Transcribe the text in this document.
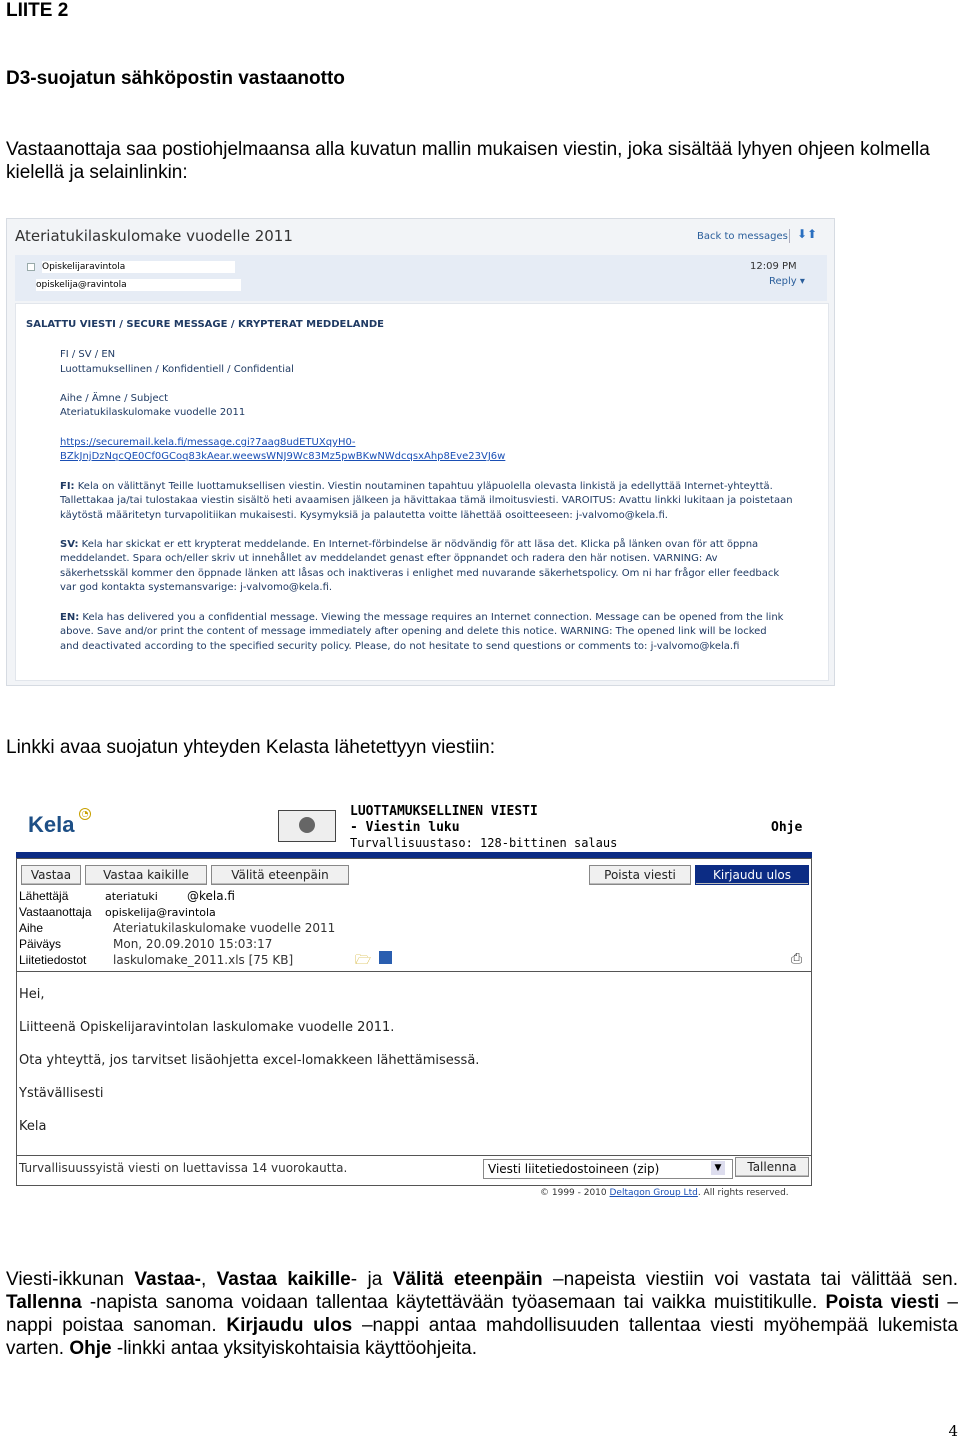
LIITE 2
D3-suojatun sähköpostin vastaanotto
Vastaanottaja saa postiohjelmaansa alla kuvatun mallin mukaisen viestin, joka sisältää lyhyen ohjeen kolmella kielellä ja selainlinkin:
Ateriatukilaskulomake vuodelle 2011	Back to messages ⬇⬆
Opiskelijaravintola
opiskelija@ravintola
12:09 PM
Reply ▾
SALATTU VIESTI / SECURE MESSAGE / KRYPTERAT MEDDELANDE
FI / SV / EN
Luottamuksellinen / Konfidentiell / Confidential
Aihe / Ämne / Subject
Ateriatukilaskulomake vuodelle 2011
https://securemail.kela.fi/message.cgi?7aag8udETUXqyH0-
BZkJnjDzNqcQE0Cf0GCoq83kAear.weewsWNJ9Wc83Mz5pwBKwNWdcqsxAhp8Eve23VJ6w
FI: Kela on välittänyt Teille luottamuksellisen viestin. Viestin noutaminen tapahtuu yläpuolella olevasta linkistä ja edellyttää Internet-yhteyttä.
Tallettakaa ja/tai tulostakaa viestin sisältö heti avaamisen jälkeen ja hävittakaa tämä ilmoitusviesti. VAROITUS: Avattu linkki lukitaan ja poistetaan
käytöstä määritetyn turvapolitiikan mukaisesti. Kysymyksiä ja palautetta voitte lähettää osoitteeseen: j-valvomo@kela.fi.
SV: Kela har skickat er ett krypterat meddelande. En Internet-förbindelse är nödvändig för att läsa det. Klicka på länken ovan för att öppna
meddelandet. Spara och/eller skriv ut innehållet av meddelandet genast efter öppnandet och radera den här notisen. VARNING: Av
säkerhetsskäl kommer den öppnade länken att låsas och inaktiveras i enlighet med nuvarande säkerhetspolicy. Om ni har frågor eller feedback
var god kontakta systemansvarige: j-valvomo@kela.fi.
EN: Kela has delivered you a confidential message. Viewing the message requires an Internet connection. Message can be opened from the link
above. Save and/or print the content of message immediately after opening and delete this notice. WARNING: The opened link will be locked
and deactivated according to the specified security policy. Please, do not hesitate to send questions or comments to: j-valvomo@kela.fi
Linkki avaa suojatun yhteyden Kelasta lähetettyyn viestiin:
Kela ◔	LUOTTAMUKSELLINEN VIESTI
- Viestin luku
Turvallisuustaso: 128-bittinen salaus
Ohje
Vastaa	Vastaa kaikille	Välitä eteenpäin	Poista viesti	Kirjaudu ulos
Lähettäjä	ateriatuki @kela.fi
Vastaanottaja opiskelija@ravintola
Aihe	Ateriatukilaskulomake vuodelle 2011
Päiväys	Mon, 20.09.2010 15:03:17
Liitetiedostot laskulomake_2011.xls [75 KB]	🗁	⎙
Hei,
Liitteenä Opiskelijaravintolan laskulomake vuodelle 2011.
Ota yhteyttä, jos tarvitset lisäohjetta excel-lomakkeen lähettämisessä.
Ystävällisesti
Kela
Turvallisuussyistä viesti on luettavissa 14 vuorokautta.	Viesti liitetiedostoineen (zip)	▼	Tallenna
© 1999 - 2010 Deltagon Group Ltd. All rights reserved.
Viesti-ikkunan Vastaa-, Vastaa kaikille- ja Välitä eteenpäin –napeista viestiin voi vastata tai välittää sen. Tallenna -napista sanoma voidaan tallentaa käytettävään työasemaan tai vaikka muistitikulle. Poista viesti –nappi poistaa sanoman. Kirjaudu ulos –nappi antaa mahdollisuuden tallentaa viesti myöhempää lukemista varten. Ohje -linkki antaa yksityiskohtaisia käyttöohjeita.
4
